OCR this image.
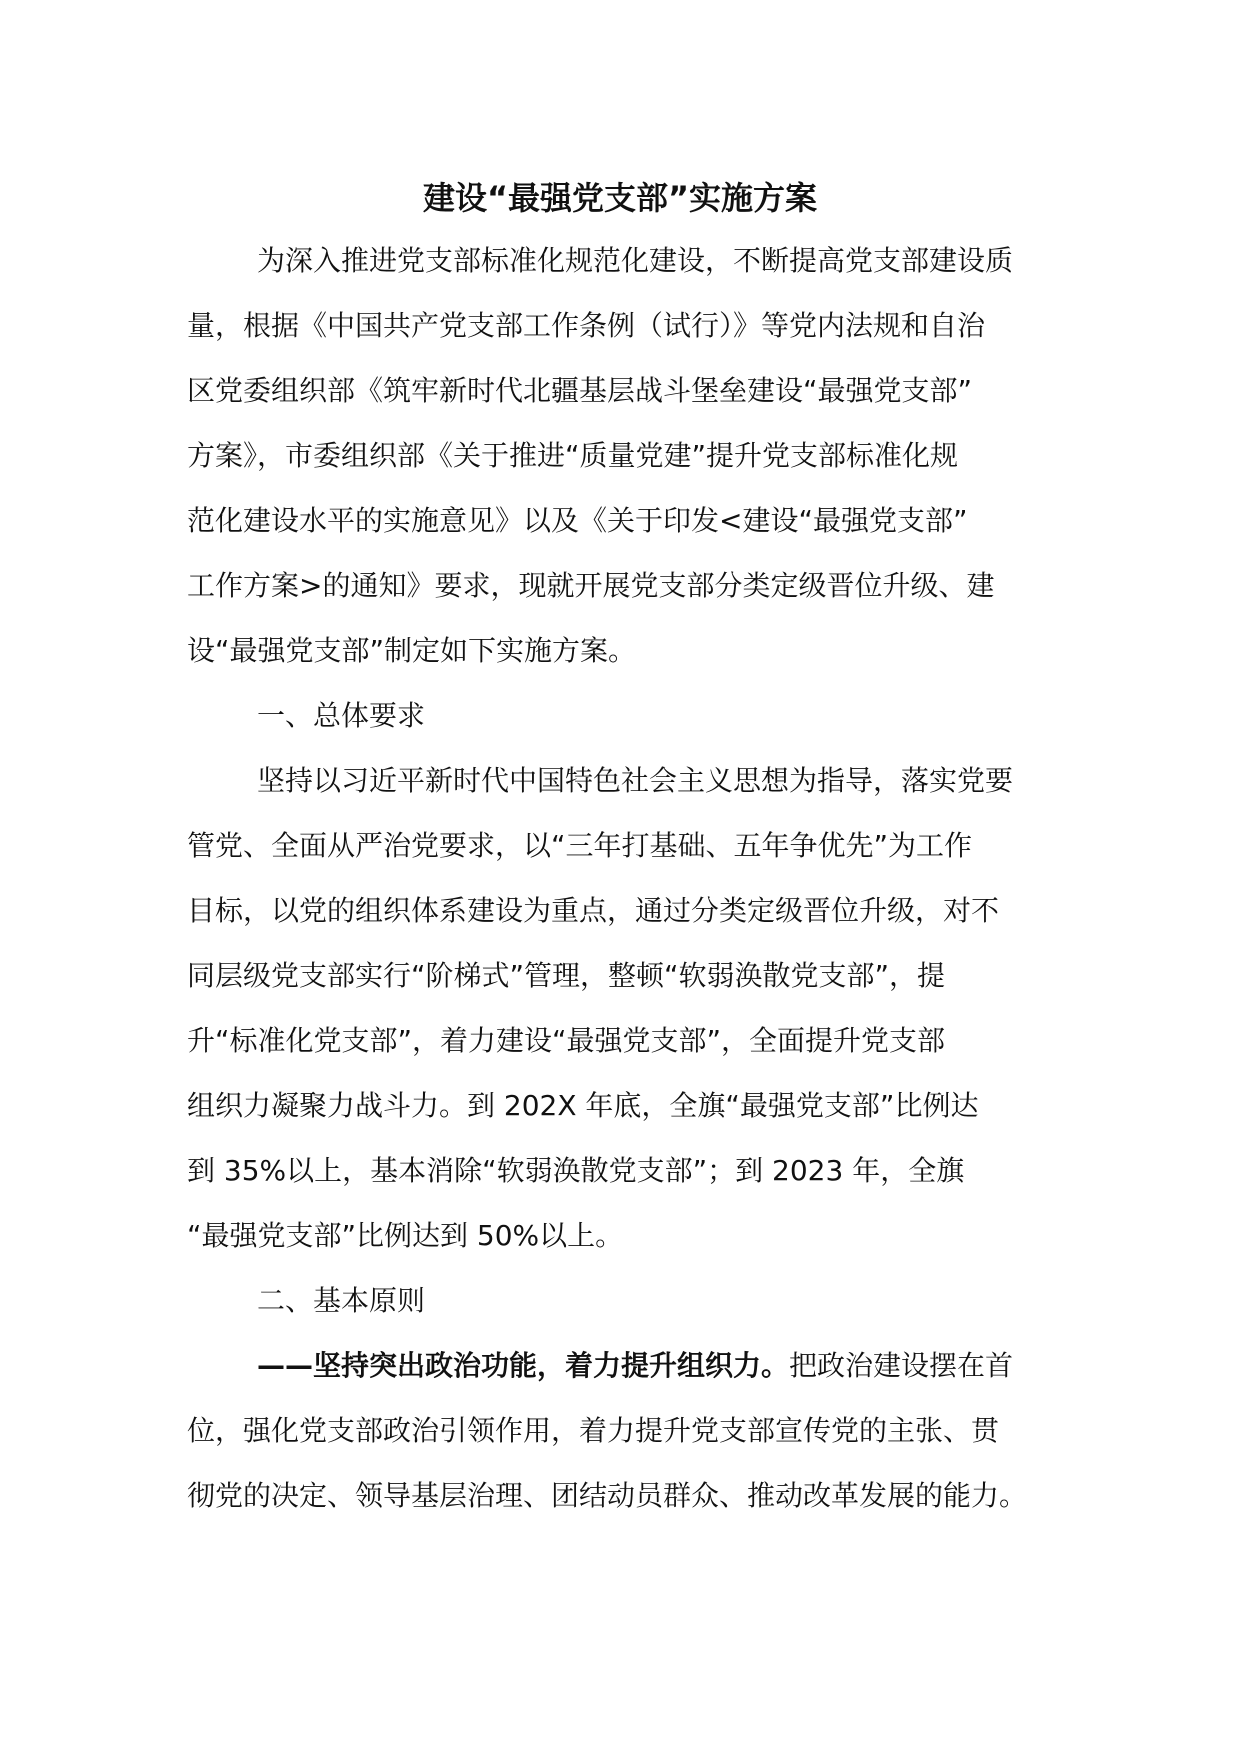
建设“最强党支部”实施方案
为深入推进党支部标准化规范化建设，不断提高党支部建设质
量，根据《中国共产党支部工作条例（试行）》等党内法规和自治
区党委组织部《筑牢新时代北疆基层战斗堡垒建设“最强党支部”
方案》，市委组织部《关于推进“质量党建”提升党支部标准化规
范化建设水平的实施意见》以及《关于印发<建设“最强党支部”
工作方案>的通知》要求，现就开展党支部分类定级晋位升级、建
设“最强党支部”制定如下实施方案。
一、总体要求
坚持以习近平新时代中国特色社会主义思想为指导，落实党要
管党、全面从严治党要求，以“三年打基础、五年争优先”为工作
目标，以党的组织体系建设为重点，通过分类定级晋位升级，对不
同层级党支部实行“阶梯式”管理，整顿“软弱涣散党支部”，提
升“标准化党支部”，着力建设“最强党支部”，全面提升党支部
组织力凝聚力战斗力。到 202X 年底，全旗“最强党支部”比例达
到 35%以上，基本消除“软弱涣散党支部”；到 2023 年，全旗
“最强党支部”比例达到 50%以上。
二、基本原则
——坚持突出政治功能，着力提升组织力。把政治建设摆在首
位，强化党支部政治引领作用，着力提升党支部宣传党的主张、贯
彻党的决定、领导基层治理、团结动员群众、推动改革发展的能力。
